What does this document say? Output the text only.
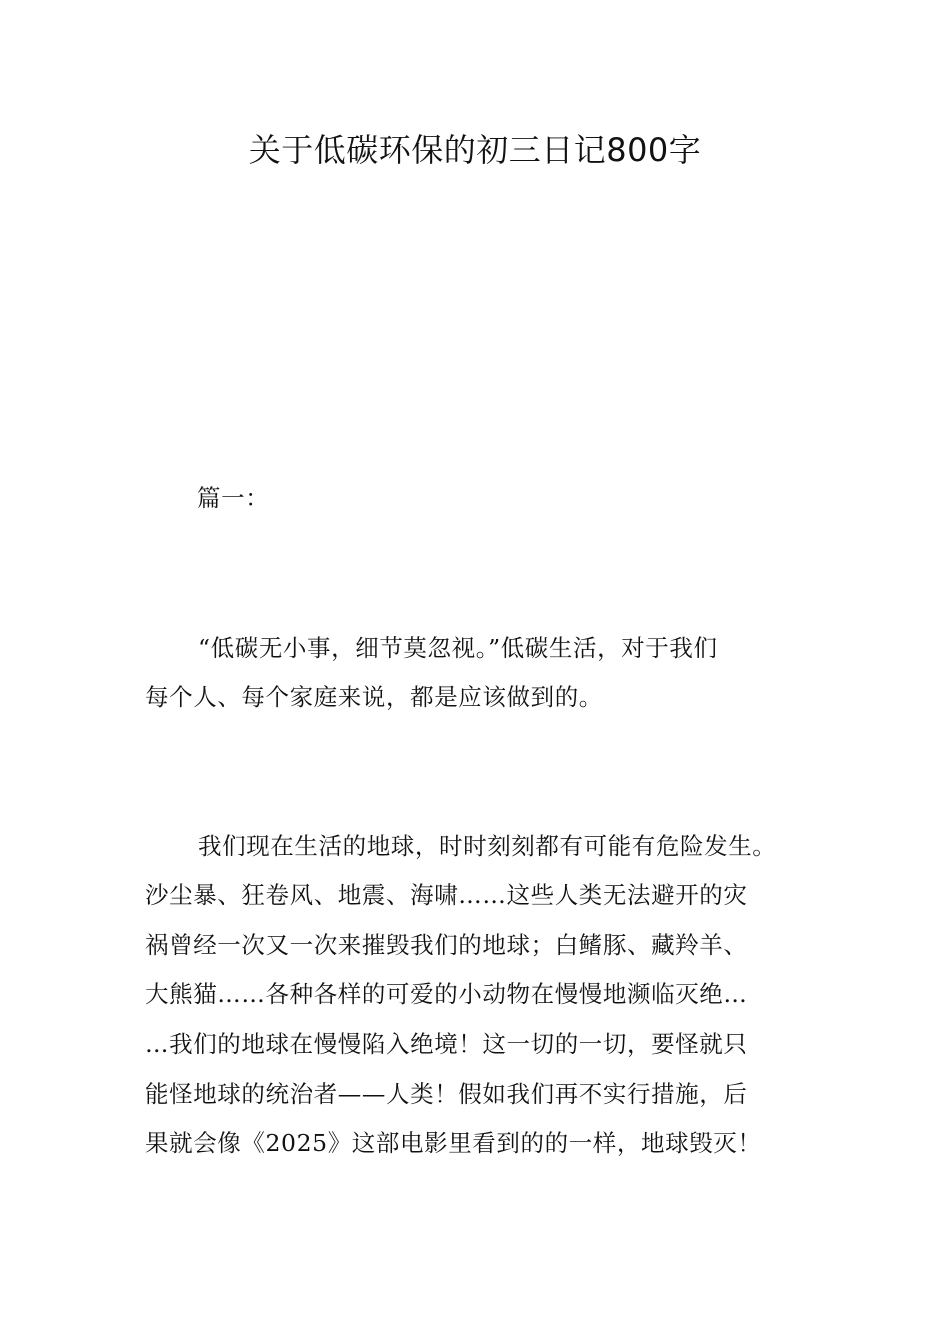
关于低碳环保的初三日记800字
篇一：
“低碳无小事，细节莫忽视。”低碳生活，对于我们
每个人、每个家庭来说，都是应该做到的。
我们现在生活的地球，时时刻刻都有可能有危险发生。
沙尘暴、狂卷风、地震、海啸……这些人类无法避开的灾
祸曾经一次又一次来摧毁我们的地球；白鳍豚、藏羚羊、
大熊猫……各种各样的可爱的小动物在慢慢地濒临灭绝…
…我们的地球在慢慢陷入绝境！这一切的一切，要怪就只
能怪地球的统治者——人类！假如我们再不实行措施，后
果就会像《2025》这部电影里看到的的一样，地球毁灭！
